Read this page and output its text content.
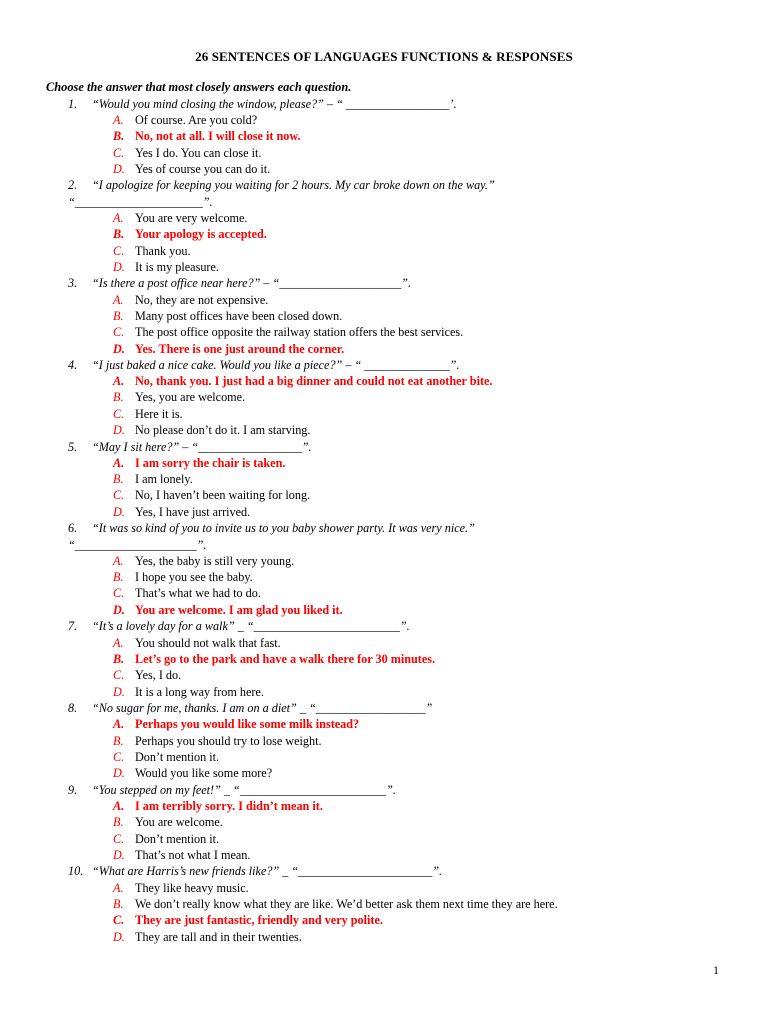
26 SENTENCES OF LANGUAGES FUNCTIONS & RESPONSES
Choose the answer that most closely answers each question.
1. “Would you mind closing the window, please?” – “ _________________’.
A. Of course. Are you cold?
B. No, not at all. I will close it now.
C. Yes I do. You can close it.
D. Yes of course you can do it.
2. “I apologize for keeping you waiting for 2 hours. My car broke down on the way.”
“_____________________”.
A. You are very welcome.
B. Your apology is accepted.
C. Thank you.
D. It is my pleasure.
3. “Is there a post office near here?” – “____________________”.
A. No, they are not expensive.
B. Many post offices have been closed down.
C. The post office opposite the railway station offers the best services.
D. Yes. There is one just around the corner.
4. “I just baked a nice cake. Would you like a piece?” – “ ______________”.
A. No, thank you. I just had a big dinner and could not eat another bite.
B. Yes, you are welcome.
C. Here it is.
D. No please don’t do it. I am starving.
5. “May I sit here?” – “_________________”.
A. I am sorry the chair is taken.
B. I am lonely.
C. No, I haven’t been waiting for long.
D. Yes, I have just arrived.
6. “It was so kind of you to invite us to you baby shower party. It was very nice.”
“____________________”.
A. Yes, the baby is still very young.
B. I hope you see the baby.
C. That’s what we had to do.
D. You are welcome. I am glad you liked it.
7. “It’s a lovely day for a walk” _ “________________________”.
A. You should not walk that fast.
B. Let’s go to the park and have a walk there for 30 minutes.
C. Yes, I do.
D. It is a long way from here.
8. “No sugar for me, thanks. I am on a diet” _ “__________________”
A. Perhaps you would like some milk instead?
B. Perhaps you should try to lose weight.
C. Don’t mention it.
D. Would you like some more?
9. “You stepped on my feet!” _ “________________________”.
A. I am terribly sorry. I didn’t mean it.
B. You are welcome.
C. Don’t mention it.
D. That’s not what I mean.
10. “What are Harris’s new friends like?” _ “______________________”.
A. They like heavy music.
B. We don’t really know what they are like. We’d better ask them next time they are here.
C. They are just fantastic, friendly and very polite.
D. They are tall and in their twenties.
1
